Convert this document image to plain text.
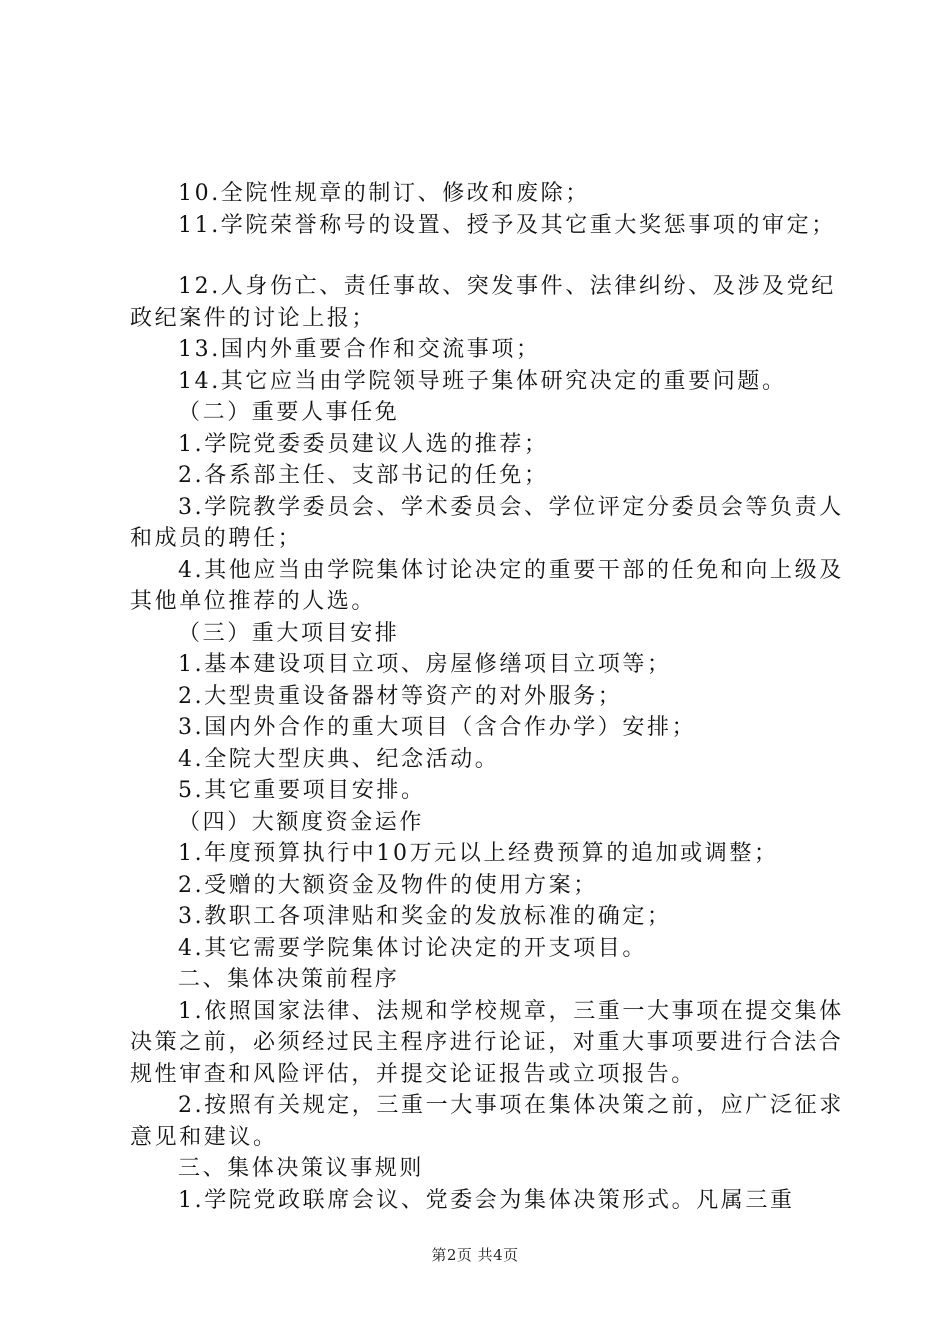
10.全院性规章的制订、修改和废除；

11.学院荣誉称号的设置、授予及其它重大奖惩事项的审定；

12.人身伤亡、责任事故、突发事件、法律纠纷、及涉及党纪政纪案件的讨论上报；

13.国内外重要合作和交流事项；

14.其它应当由学院领导班子集体研究决定的重要问题。

（二）重要人事任免

1.学院党委委员建议人选的推荐；

2.各系部主任、支部书记的任免；

3.学院教学委员会、学术委员会、学位评定分委员会等负责人和成员的聘任；

4.其他应当由学院集体讨论决定的重要干部的任免和向上级及其他单位推荐的人选。

（三）重大项目安排

1.基本建设项目立项、房屋修缮项目立项等；

2.大型贵重设备器材等资产的对外服务；

3.国内外合作的重大项目（含合作办学）安排；

4.全院大型庆典、纪念活动。

5.其它重要项目安排。

（四）大额度资金运作

1.年度预算执行中10万元以上经费预算的追加或调整；

2.受赠的大额资金及物件的使用方案；

3.教职工各项津贴和奖金的发放标准的确定；

4.其它需要学院集体讨论决定的开支项目。

二、集体决策前程序

1.依照国家法律、法规和学校规章，三重一大事项在提交集体决策之前，必须经过民主程序进行论证，对重大事项要进行合法合规性审查和风险评估，并提交论证报告或立项报告。

2.按照有关规定，三重一大事项在集体决策之前，应广泛征求意见和建议。

三、集体决策议事规则

1.学院党政联席会议、党委会为集体决策形式。凡属三重

第2页 共4页
